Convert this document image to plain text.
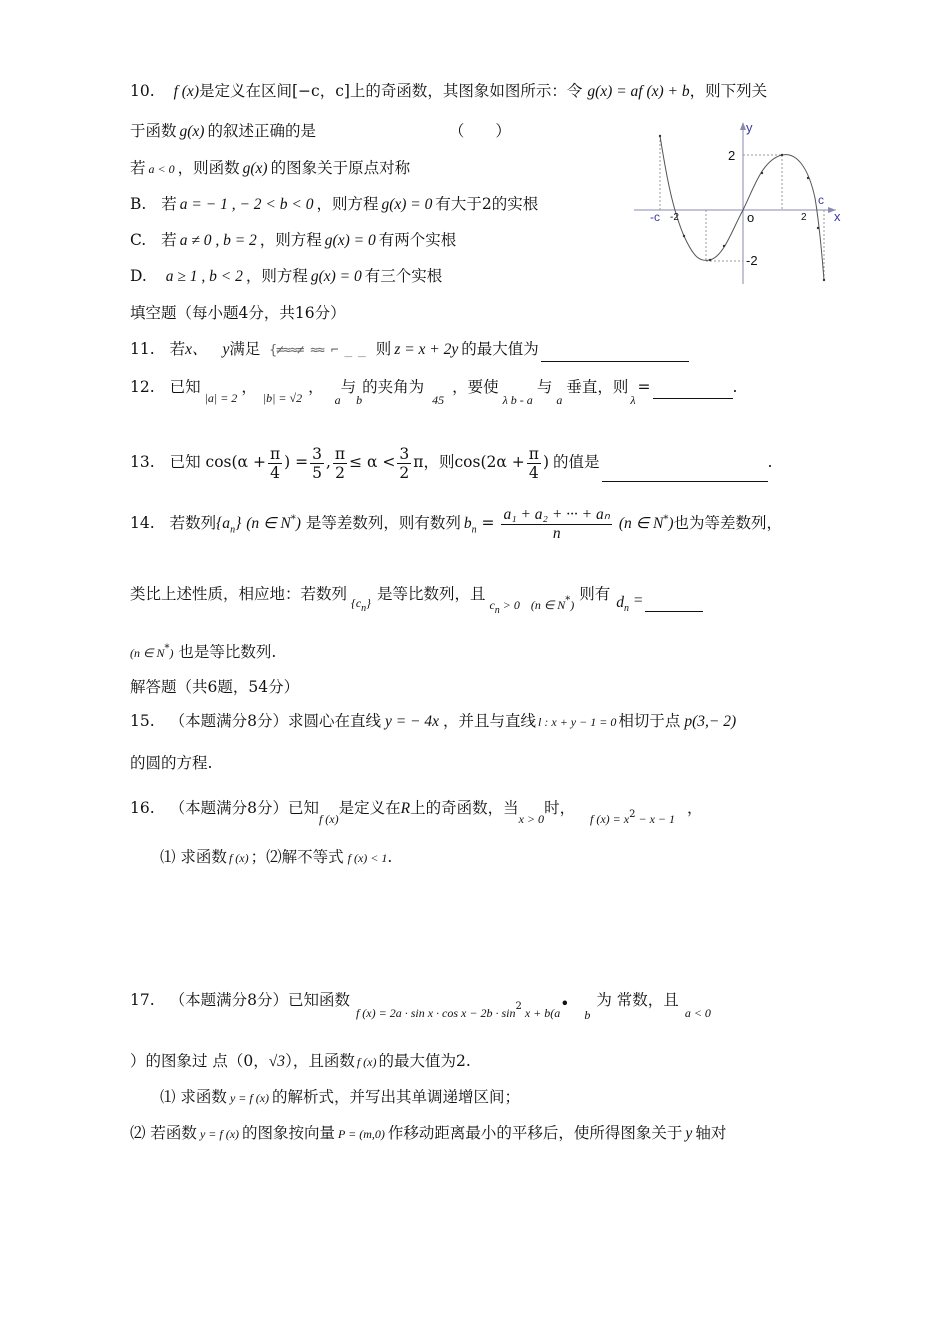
10. f (x)是定义在区间[−c，c]上的奇函数，其图象如图所示：令 g(x) = af (x) + b，则下列关
于函数 g(x) 的叙述正确的是	（　　）
若 a < 0 ，则函数 g(x) 的图象关于原点对称
B. 若 a = − 1 , − 2 < b < 0 ，则方程 g(x) = 0 有大于2的实根
C. 若 a ≠ 0 , b = 2 ，则方程 g(x) = 0 有两个实根
D. a ≥ 1 , b < 2 ，则方程 g(x) = 0 有三个实根
y
x
2
-2
-c -2	o	2
c
填空题（每小题4分，共16分）
11. 若x、 y满足 {≠≈≈≠ ≈≈ ⌐ _ _ 则 z = x + 2y 的最大值为
12. 已知$_{|a| = 2}$，$_{|b| = √2}$， $_a$与$_b$的夹角为$_{45}$，要使$_{\lambda b - a}$与$_a$垂直，则$_\lambda$=	.
13. 已知 $\cos(\alpha + \frac{\pi}{4}$ ) = $\frac{3}{5}$ , $\frac{\pi}{2} \le \alpha < \frac{3}{2}$ π，则$\cos(2\alpha + \frac{\pi}{4}$ ) 的值是	.
14. 若数列$\{a_n\}$ (n ∈ N*) 是等差数列，则有数列 $b_n = \frac{\text{a₁ + a₂ + ··· + aₙ}}{n} (n$ ∈ N*)也为等差数列，
类比上述性质，相应地：若数列 $_{\{cn\}}$ 是等比数列，且$_{cn}$ $_{> 0}$ $_{(n \in N}$*$_)$ 则有 $d_n$ =
(n ∈ N*) 也是等比数列.
解答题（共6题，54分）
15. （本题满分8分）求圆心在直线 y = − 4x ，并且与直线 l : x + y − 1 = 0 相切于点 p(3,− 2)
的圆的方程.
16. （本题满分8分）已知$_{f (x)}$是定义在R上的奇函数，当$_{x > 0}$时， $_{f (x) = x}^2$ $_{- x - 1}$，
⑴ 求函数 f (x) ；⑵解不等式 f (x) < 1.
17. （本题满分8分）已知函数$_{f (x) = 2a \cdot sin x \cdot cos x - 2b \cdot sin}^2$ $_{x + b(a}$• $_b$为 常数，且$_{a < 0}$
）的图象过 点（0，√3），且函数 f (x) 的最大值为2.
⑴ 求函数 y = f (x) 的解析式，并写出其单调递增区间；
⑵ 若函数 y = f (x) 的图象按向量 P = (m,0) 作移动距离最小的平移后，使所得图象关于 y 轴对
